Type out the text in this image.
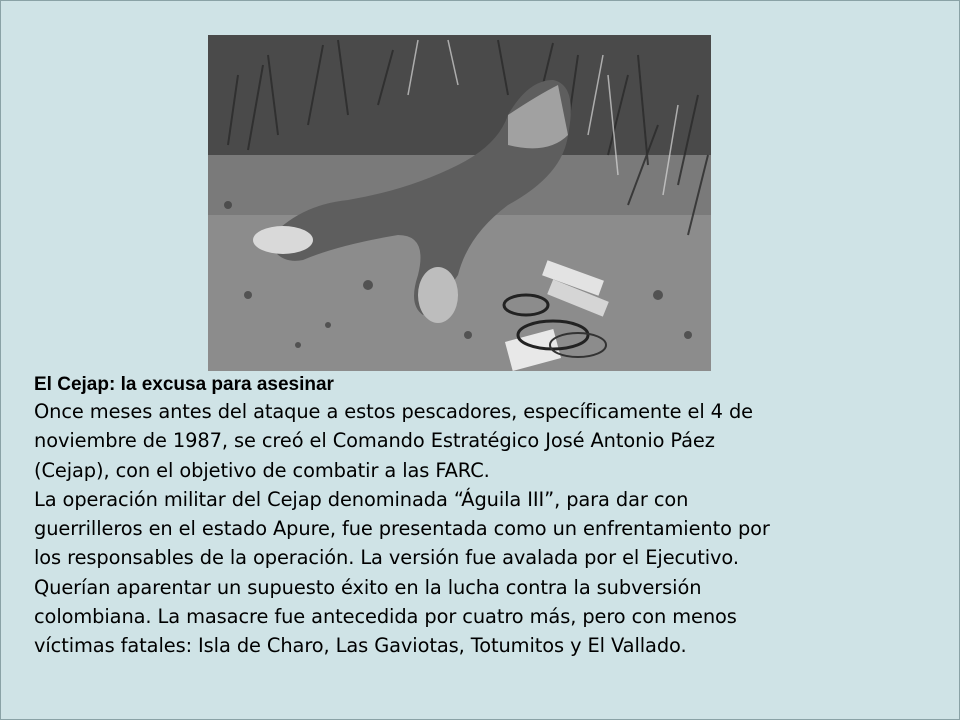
El Cejap: la excusa para asesinar

Once meses antes del ataque a estos pescadores, específicamente el 4 de

noviembre de 1987, se creó el Comando Estratégico José Antonio Páez

(Cejap), con el objetivo de combatir a las FARC.

La operación militar del Cejap denominada “Águila III”, para dar con

guerrilleros en el estado Apure, fue presentada como un enfrentamiento por

los responsables de la operación. La versión fue avalada por el Ejecutivo.

Querían aparentar un supuesto éxito en la lucha contra la subversión

colombiana. La masacre fue antecedida por cuatro más, pero con menos

víctimas fatales: Isla de Charo, Las Gaviotas, Totumitos y El Vallado.
